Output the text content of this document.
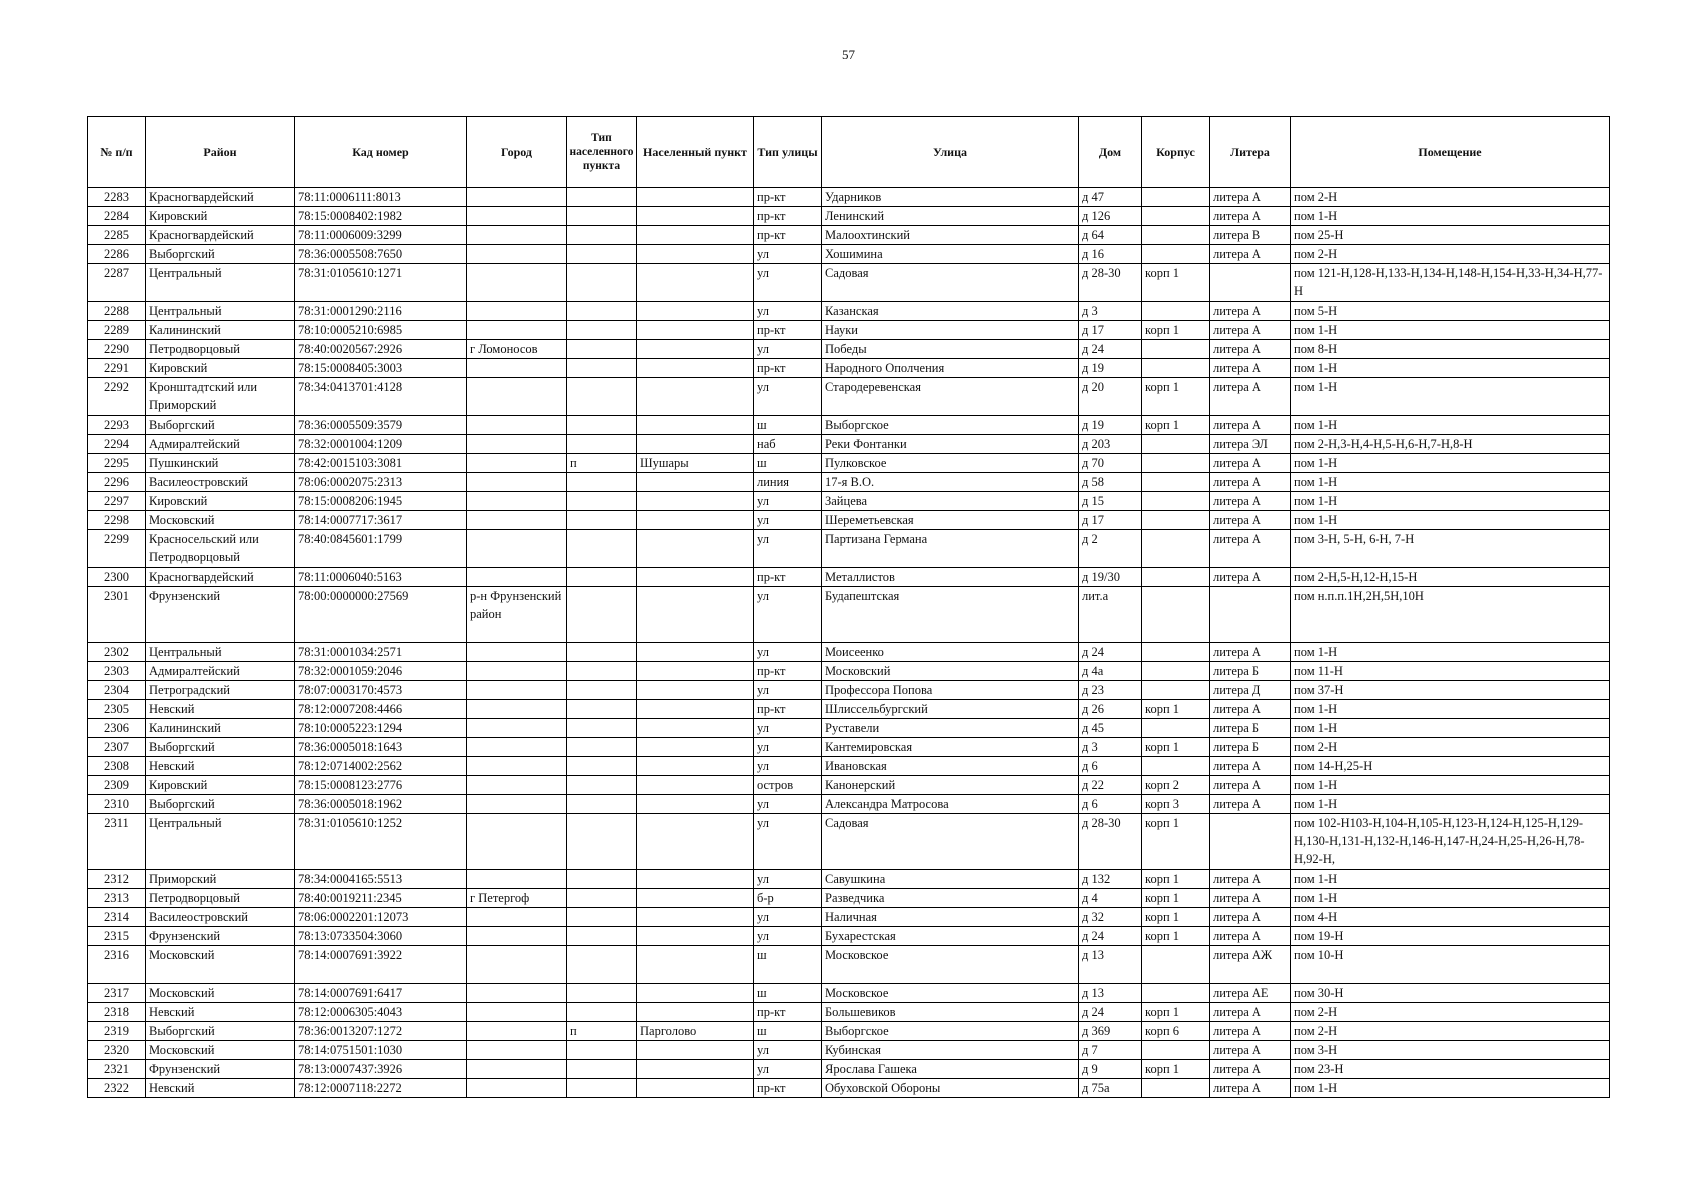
57
№ п/п	Район	Кад номер	Город	Тип населенного пункта	Населенный пункт	Тип улицы	Улица	Дом	Корпус	Литера	Помещение
2283	Красногвардейский	78:11:0006111:8013				пр-кт	Ударников	д 47		литера А	пом 2-Н
2284	Кировский	78:15:0008402:1982				пр-кт	Ленинский	д 126		литера А	пом 1-Н
2285	Красногвардейский	78:11:0006009:3299				пр-кт	Малоохтинский	д 64		литера В	пом 25-Н
2286	Выборгский	78:36:0005508:7650				ул	Хошимина	д 16		литера А	пом 2-Н
2287	Центральный	78:31:0105610:1271				ул	Садовая	д 28-30	корп 1		пом 121-Н,128-Н,133-Н,134-Н,148-Н,154-Н,33-Н,34-Н,77-Н
2288	Центральный	78:31:0001290:2116				ул	Казанская	д 3		литера А	пом 5-Н
2289	Калининский	78:10:0005210:6985				пр-кт	Науки	д 17	корп 1	литера А	пом 1-Н
2290	Петродворцовый	78:40:0020567:2926	г Ломоносов			ул	Победы	д 24		литера А	пом 8-Н
2291	Кировский	78:15:0008405:3003				пр-кт	Народного Ополчения	д 19		литера А	пом 1-Н
2292	Кронштадтский или Приморский	78:34:0413701:4128				ул	Стародеревенская	д 20	корп 1	литера А	пом 1-Н
2293	Выборгский	78:36:0005509:3579				ш	Выборгское	д 19	корп 1	литера А	пом 1-Н
2294	Адмиралтейский	78:32:0001004:1209				наб	Реки Фонтанки	д 203		литера ЭЛ	пом 2-Н,3-Н,4-Н,5-Н,6-Н,7-Н,8-Н
2295	Пушкинский	78:42:0015103:3081		п	Шушары	ш	Пулковское	д 70		литера А	пом 1-Н
2296	Василеостровский	78:06:0002075:2313				линия	17-я В.О.	д 58		литера А	пом 1-Н
2297	Кировский	78:15:0008206:1945				ул	Зайцева	д 15		литера А	пом 1-Н
2298	Московский	78:14:0007717:3617				ул	Шереметьевская	д 17		литера А	пом 1-Н
2299	Красносельский или Петродворцовый	78:40:0845601:1799				ул	Партизана Германа	д 2		литера А	пом 3-Н, 5-Н, 6-Н, 7-Н
2300	Красногвардейский	78:11:0006040:5163				пр-кт	Металлистов	д 19/30		литера А	пом 2-Н,5-Н,12-Н,15-Н
2301	Фрунзенский	78:00:0000000:27569	р-н Фрунзенский район			ул	Будапештская	лит.а			пом н.п.п.1Н,2Н,5Н,10Н
2302	Центральный	78:31:0001034:2571				ул	Моисеенко	д 24		литера А	пом 1-Н
2303	Адмиралтейский	78:32:0001059:2046				пр-кт	Московский	д 4а		литера Б	пом 11-Н
2304	Петроградский	78:07:0003170:4573				ул	Профессора Попова	д 23		литера Д	пом 37-Н
2305	Невский	78:12:0007208:4466				пр-кт	Шлиссельбургский	д 26	корп 1	литера А	пом 1-Н
2306	Калининский	78:10:0005223:1294				ул	Руставели	д 45		литера Б	пом 1-Н
2307	Выборгский	78:36:0005018:1643				ул	Кантемировская	д 3	корп 1	литера Б	пом 2-Н
2308	Невский	78:12:0714002:2562				ул	Ивановская	д 6		литера А	пом 14-Н,25-Н
2309	Кировский	78:15:0008123:2776				остров	Канонерский	д 22	корп 2	литера А	пом 1-Н
2310	Выборгский	78:36:0005018:1962				ул	Александра Матросова	д 6	корп 3	литера А	пом 1-Н
2311	Центральный	78:31:0105610:1252				ул	Садовая	д 28-30	корп 1		пом 102-Н103-Н,104-Н,105-Н,123-Н,124-Н,125-Н,129-Н,130-Н,131-Н,132-Н,146-Н,147-Н,24-Н,25-Н,26-Н,78-Н,92-Н,
2312	Приморский	78:34:0004165:5513				ул	Савушкина	д 132	корп 1	литера А	пом 1-Н
2313	Петродворцовый	78:40:0019211:2345	г Петергоф			б-р	Разведчика	д 4	корп 1	литера А	пом 1-Н
2314	Василеостровский	78:06:0002201:12073				ул	Наличная	д 32	корп 1	литера А	пом 4-Н
2315	Фрунзенский	78:13:0733504:3060				ул	Бухарестская	д 24	корп 1	литера А	пом 19-Н
2316	Московский	78:14:0007691:3922				ш	Московское	д 13		литера АЖ	пом 10-Н
2317	Московский	78:14:0007691:6417				ш	Московское	д 13		литера АЕ	пом 30-Н
2318	Невский	78:12:0006305:4043				пр-кт	Большевиков	д 24	корп 1	литера А	пом 2-Н
2319	Выборгский	78:36:0013207:1272		п	Парголово	ш	Выборгское	д 369	корп 6	литера А	пом 2-Н
2320	Московский	78:14:0751501:1030				ул	Кубинская	д 7		литера А	пом 3-Н
2321	Фрунзенский	78:13:0007437:3926				ул	Ярослава Гашека	д 9	корп 1	литера А	пом 23-Н
2322	Невский	78:12:0007118:2272				пр-кт	Обуховской Обороны	д 75а		литера А	пом 1-Н
